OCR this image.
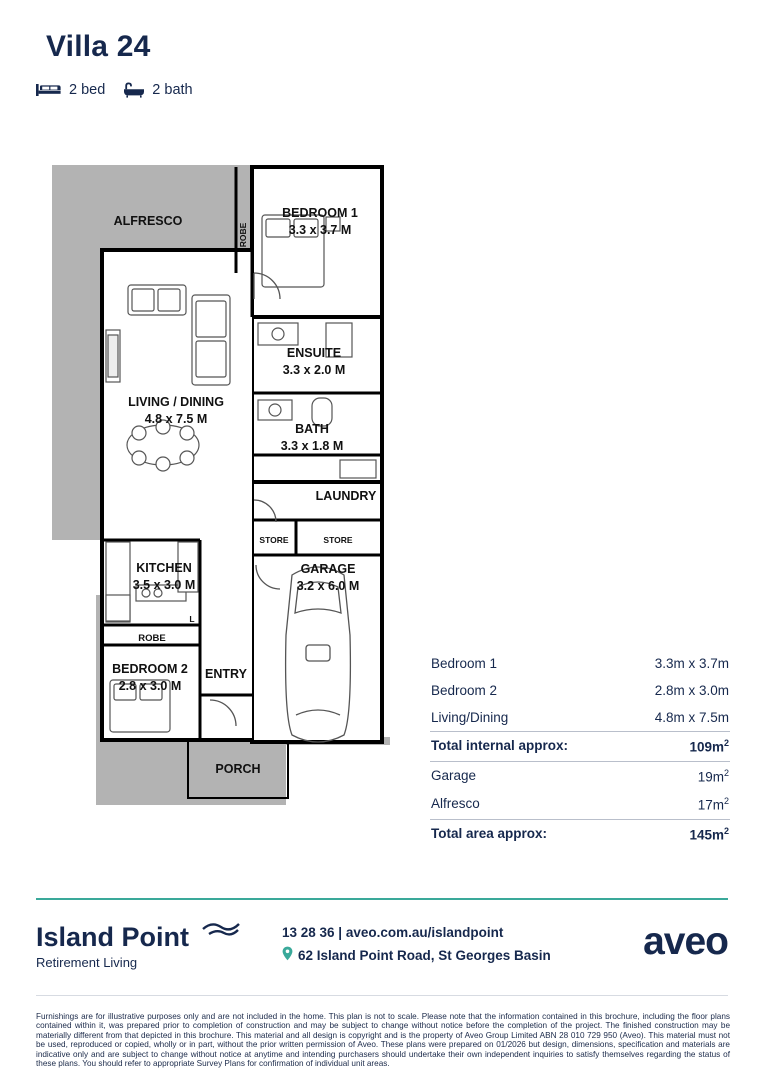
Villa 24
2 bed	2 bath
ALFRESCO
BEDROOM 1
3.3 x 3.7 M
ROBE
ENSUITE
3.3 x 2.0 M
BATH
3.3 x 1.8 M
LIVING / DINING
4.8 x 7.5 M
LAUNDRY
STORE	STORE
GARAGE
3.2 x 6.0 M
KITCHEN
3.5 x 3.0 M
ROBE
BEDROOM 2
2.8 x 3.0 M
ENTRY
PORCH
L
Bedroom 1	3.3m x 3.7m
Bedroom 2	2.8m x 3.0m
Living/Dining	4.8m x 7.5m
Total internal approx:	$109m^2$
Garage	$19m^2$
Alfresco	$17m^2$
Total area approx:	$145m^2$
Island Point
Retirement Living
13 28 36 | aveo.com.au/islandpoint
62 Island Point Road, St Georges Basin aveo
Furnishings are for illustrative purposes only and are not included in the home. This plan is not to scale. Please note that the information contained in this brochure, including the floor plans contained within it, was prepared prior to completion of construction and may be subject to change without notice before the completion of the project. The finished construction may be materially different from that depicted in this brochure. This material and all design is copyright and is the property of Aveo Group Limited ABN 28 010 729 950 (Aveo). This material must not be used, reproduced or copied, wholly or in part, without the prior written permission of Aveo. These plans were prepared on 01/2026 but design, dimensions, specification and materials are indicative only and are subject to change without notice at anytime and intending purchasers should undertake their own independent inquiries to satisfy themselves regarding the status of these plans. You should refer to appropriate Survey Plans for confirmation of individual unit areas.
